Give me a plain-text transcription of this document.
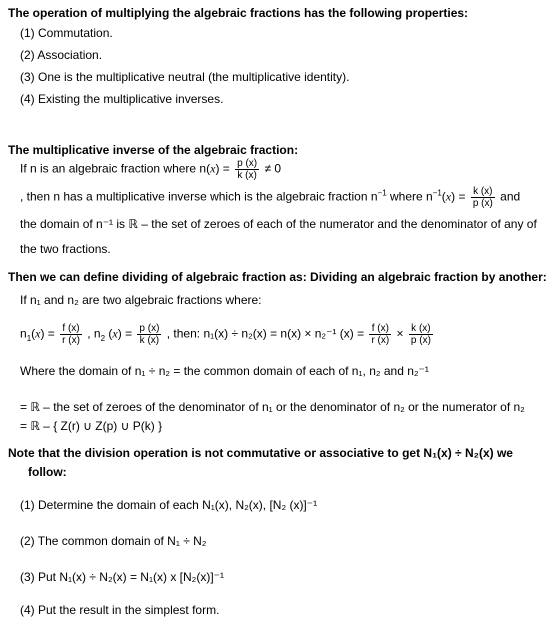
The operation of multiplying the algebraic fractions has the following properties:
(1) Commutation.
(2) Association.
(3) One is the multiplicative neutral (the multiplicative identity).
(4) Existing the multiplicative inverses.
The multiplicative inverse of the algebraic fraction:
If n is an algebraic fraction where $n(x) = \frac{p (x)}{k (x)} \ne 0$
, then n has a multiplicative inverse which is the algebraic fraction $n^{-1}$ where $n^{-1}(x) = \frac{k (x)}{p (x)}$ and
the domain of n⁻¹ is ℝ – the set of zeroes of each of the numerator and the denominator of any of
the two fractions.
Then we can define dividing of algebraic fraction as: Dividing an algebraic fraction by another:
If n₁ and n₂ are two algebraic fractions where:
$n_1(x) = \frac{f (x)}{r (x)}$ , $n_2$ $(x) = \frac{p (x)}{k (x)}$ , then: n₁(x) ÷ n₂(x) = n(x) × n₂⁻¹ $(x) = \frac{f (x)}{r (x)} \times \frac{k (x)}{p (x)}$
Where the domain of n₁ ÷ n₂ = the common domain of each of n₁, n₂ and n₂⁻¹
= ℝ – the set of zeroes of the denominator of n₁ or the denominator of n₂ or the numerator of n₂
= ℝ – { Z(r) ∪ Z(p) ∪ P(k) }
Note that the division operation is not commutative or associative to get N₁(x) ÷ N₂(x) we
follow:
(1) Determine the domain of each N₁(x), N₂(x), [N₂ (x)]⁻¹
(2) The common domain of N₁ ÷ N₂
(3) Put N₁(x) ÷ N₂(x) = N₁(x) x [N₂(x)]⁻¹
(4) Put the result in the simplest form.
